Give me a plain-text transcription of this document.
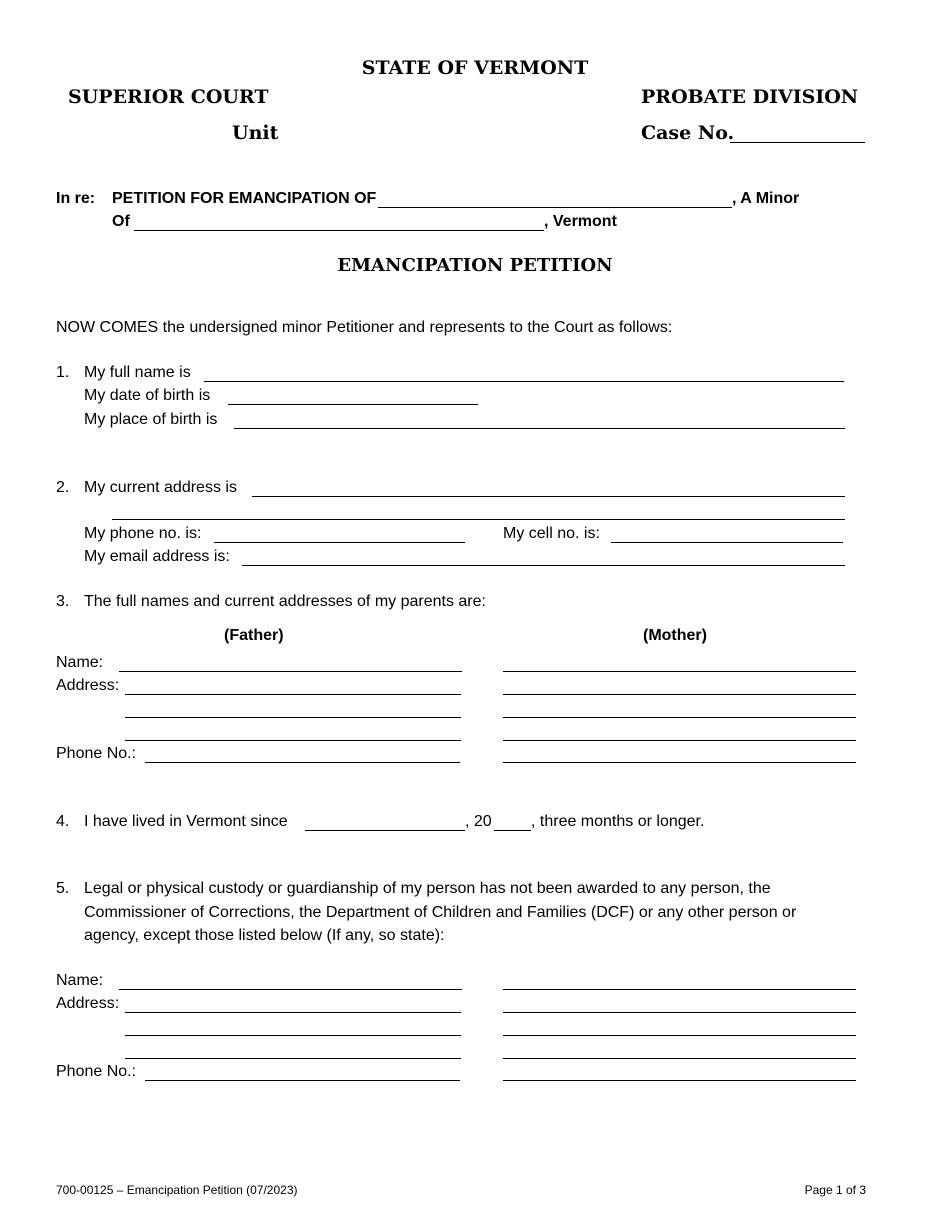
STATE OF VERMONT
SUPERIOR COURT	PROBATE DIVISION
Unit	Case No.
In re: PETITION FOR EMANCIPATION OF	, A Minor
Of	, Vermont
EMANCIPATION PETITION
NOW COMES the undersigned minor Petitioner and represents to the Court as follows:
1. My full name is
My date of birth is
My place of birth is
2. My current address is
My phone no. is:	My cell no. is:
My email address is:
3. The full names and current addresses of my parents are:
(Father)	(Mother)
Name:
Address:
Phone No.:
4. I have lived in Vermont since	, 20 , three months or longer.
5. Legal or physical custody or guardianship of my person has not been awarded to any person, the
Commissioner of Corrections, the Department of Children and Families (DCF) or any other person or
agency, except those listed below (If any, so state):
Name:
Address:
Phone No.:
700-00125 – Emancipation Petition (07/2023)	Page 1 of 3
